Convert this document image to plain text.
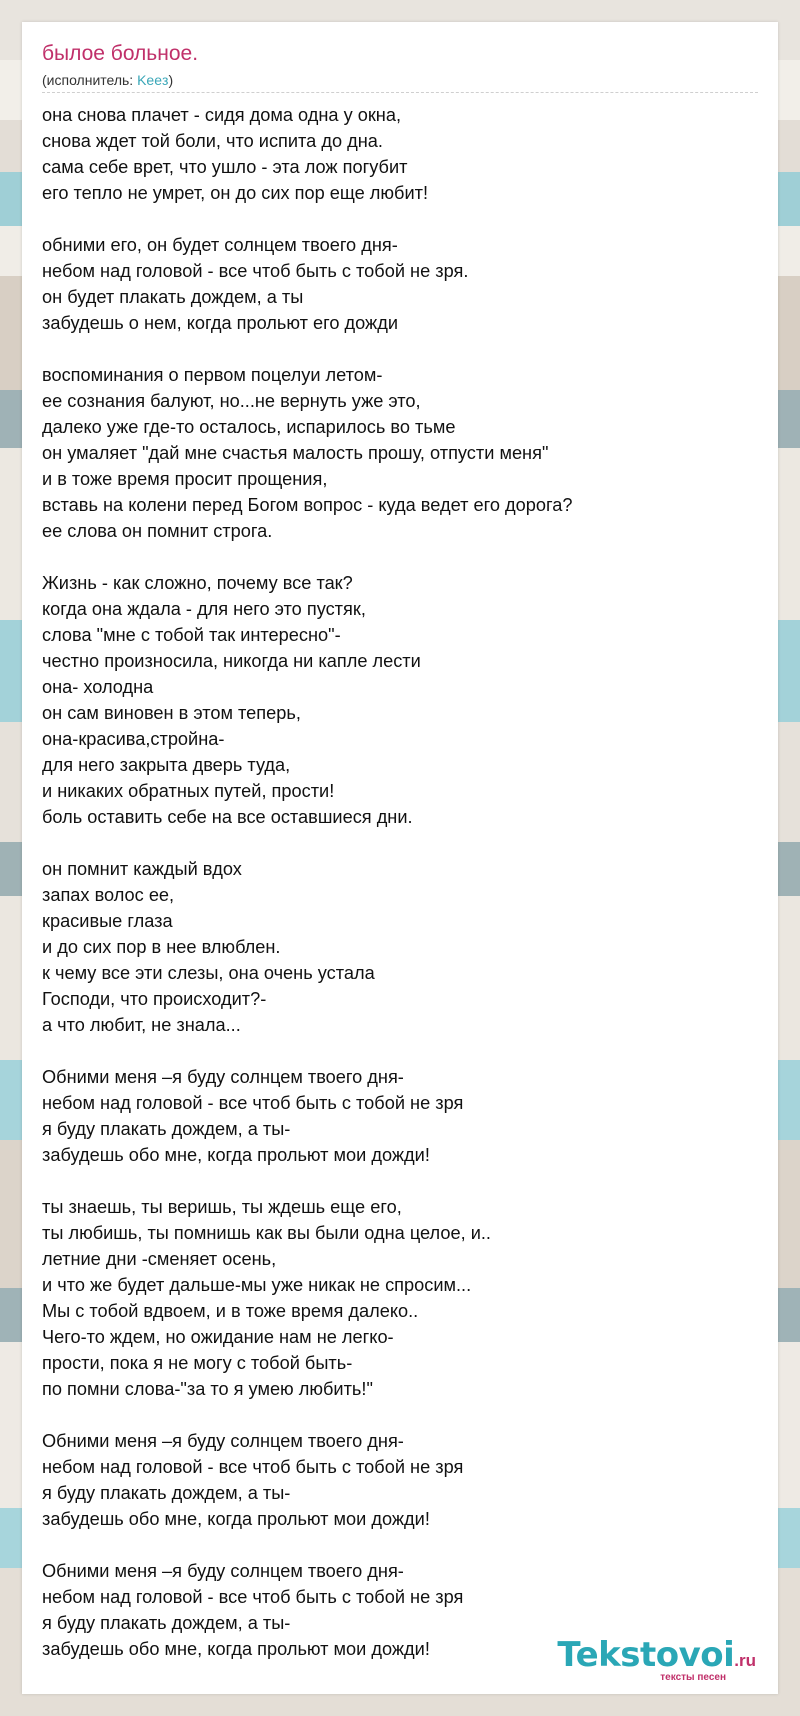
былое больное.
(исполнитель: Keeз)
она снова плачет - сидя дома одна у окна,
снова ждет той боли, что испита до дна.
сама себе врет, что ушло - эта лож погубит
его тепло не умрет, он до сих пор еще любит!
обними его, он будет солнцем твоего дня-
небом над головой - все чтоб быть с тобой не зря.
он будет плакать дождем, а ты
забудешь о нем, когда прольют его дожди
воспоминания о первом поцелуи летом-
ее сознания балуют, но...не вернуть уже это,
далеко уже где-то осталось, испарилось во тьме
он умаляет "дай мне счастья малость прошу, отпусти меня"
и в тоже время просит прощения,
вставь на колени перед Богом вопрос - куда ведет его дорога?
ее слова он помнит строга.
Жизнь - как сложно, почему все так?
когда она ждала - для него это пустяк,
слова "мне с тобой так интересно"-
честно произносила, никогда ни капле лести
она- холодна
он сам виновен в этом теперь,
она-красива,стройна-
для него закрыта дверь туда,
и никаких обратных путей, прости!
боль оставить себе на все оставшиеся дни.
он помнит каждый вдох
запах волос ее,
красивые глаза
и до сих пор в нее влюблен.
к чему все эти слезы, она очень устала
Господи, что происходит?-
а что любит, не знала...
Обними меня –я буду солнцем твоего дня-
небом над головой - все чтоб быть с тобой не зря
я буду плакать дождем, а ты-
забудешь обо мне, когда прольют мои дожди!
ты знаешь, ты веришь, ты ждешь еще его,
ты любишь, ты помнишь как вы были одна целое, и..
летние дни -сменяет осень,
и что же будет дальше-мы уже никак не спросим...
Мы с тобой вдвоем, и в тоже время далеко..
Чего-то ждем, но ожидание нам не легко-
прости, пока я не могу с тобой быть-
по помни слова-"за то я умею любить!"
Обними меня –я буду солнцем твоего дня-
небом над головой - все чтоб быть с тобой не зря
я буду плакать дождем, а ты-
забудешь обо мне, когда прольют мои дожди!
Обними меня –я буду солнцем твоего дня-
небом над головой - все чтоб быть с тобой не зря
я буду плакать дождем, а ты-
забудешь обо мне, когда прольют мои дожди!	Tekstovoi.ru
тексты песен
